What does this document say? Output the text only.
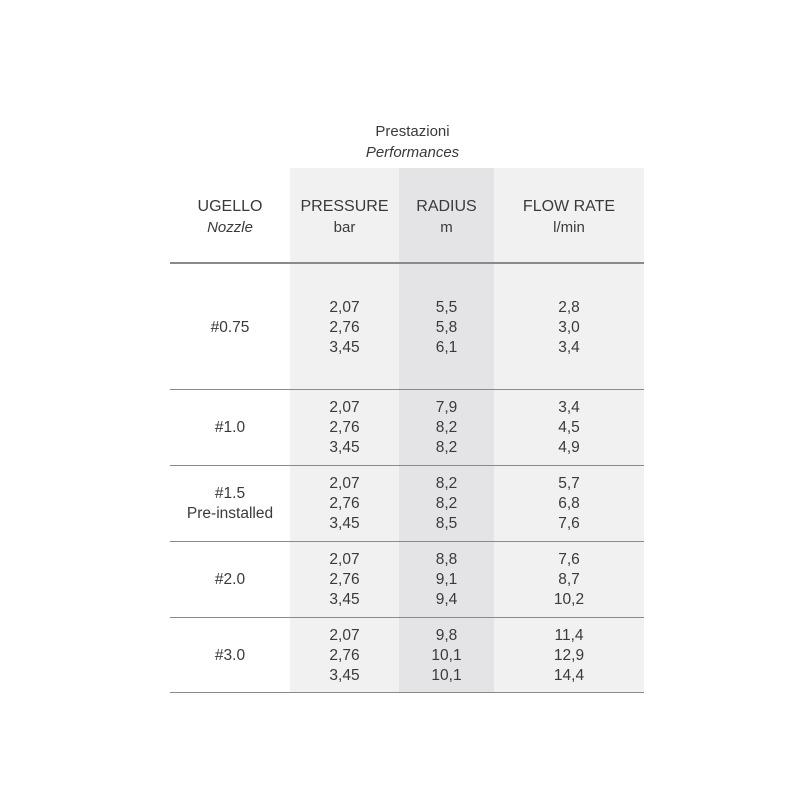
Prestazioni
Performances
UGELLO
Nozzle
PRESSURE
bar
RADIUS
m
FLOW RATE
l/min
#0.75
2,07
2,76
3,45
5,5
5,8
6,1
2,8
3,0
3,4
#1.0
2,07
2,76
3,45
7,9
8,2
8,2
3,4
4,5
4,9
#1.5
Pre-installed
2,07
2,76
3,45
8,2
8,2
8,5
5,7
6,8
7,6
#2.0
2,07
2,76
3,45
8,8
9,1
9,4
7,6
8,7
10,2
#3.0
2,07
2,76
3,45
9,8
10,1
10,1
11,4
12,9
14,4
